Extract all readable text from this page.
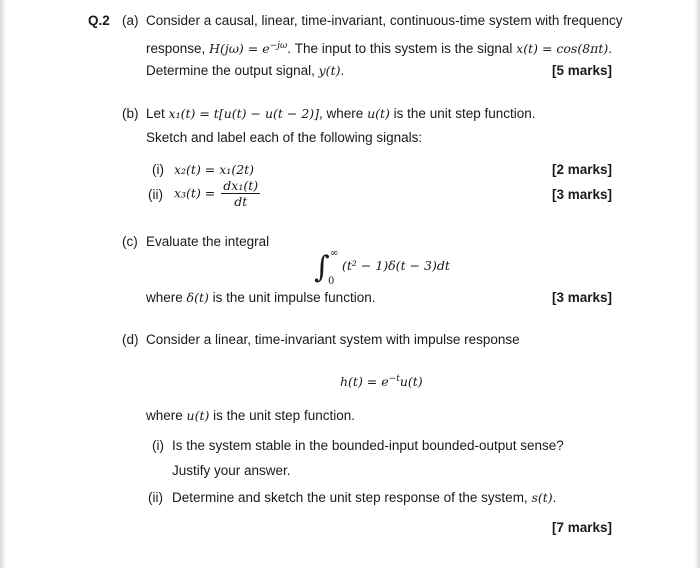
Q.2 (a) Consider a causal, linear, time-invariant, continuous-time system with frequency
response, $H(j\omega) = e^{-j\omega}$. The input to this system is the signal x(t) = cos(8πt).
Determine the output signal, y(t).	[5 marks]
(b) Let x₁(t) = t[u(t) − u(t − 2)], where u(t) is the unit step function.
Sketch and label each of the following signals:
(i) x₂(t) = x₁(2t)	[2 marks]
(ii) $x_3(t) = \frac{\text{dx₁(t)}}{dt}$	[3 marks]
(c) Evaluate the integral
∫ ∞
0
(t² − 1)δ(t − 3)dt
where δ(t) is the unit impulse function.	[3 marks]
(d) Consider a linear, time-invariant system with impulse response
$h(t) = e^{-t}u(t)$
where u(t) is the unit step function.
(i) Is the system stable in the bounded-input bounded-output sense?
Justify your answer.
(ii) Determine and sketch the unit step response of the system, s(t).
[7 marks]
